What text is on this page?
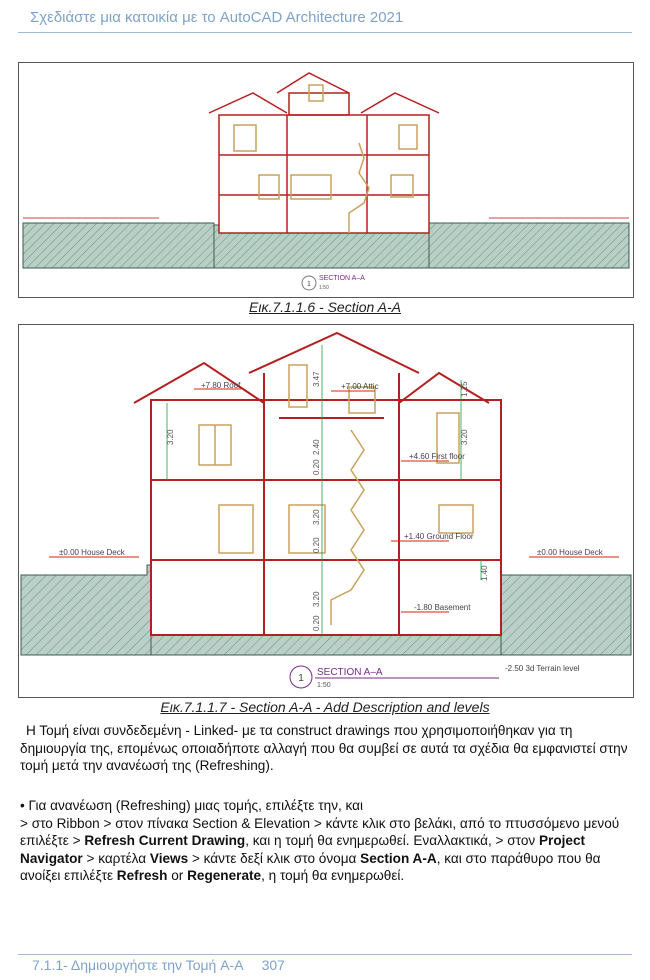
Σχεδιάστε μια κατοικία με το AutoCAD Architecture 2021
1
SECTION A–A
1:50
Εικ.7.1.1.6 - Section A-A
3.20
3.47
2.40
0.20
3.20
0.20
3.20
0.20
3.20
1.15
1.40
+7.80 Roof	+7.00 Attic
+4.60 First floor
+1.40 Ground Floor
-1.80 Basement
±0.00 House Deck	±0.00 House Deck
-2.50 3d Terrain level
1
SECTION A–A
1:50
Εικ.7.1.1.7 - Section A-A - Add Description and levels
Η Τομή είναι συνδεδεμένη - Linked- με τα construct drawings που χρησιμοποιήθηκαν για τη δημιουργία της, επομένως οποιαδήποτε αλλαγή που θα συμβεί σε αυτά τα σχέδια θα εμφανιστεί στην τομή μετά την ανανέωσή της (Refreshing).
• Για ανανέωση (Refreshing) μιας τομής, επιλέξτε την, και
> στο Ribbon > στον πίνακα Section & Elevation > κάντε κλικ στο βελάκι, από το πτυσσόμενο μενού επιλέξτε > Refresh Current Drawing, και η τομή θα ενημερωθεί. Εναλλακτικά, > στον Project Navigator > καρτέλα Views > κάντε δεξί κλικ στο όνομα Section A-A, και στο παράθυρο που θα ανοίξει επιλέξτε Refresh or Regenerate, η τομή θα ενημερωθεί.
7.1.1- Δημιουργήστε την Τομή A-A 307
